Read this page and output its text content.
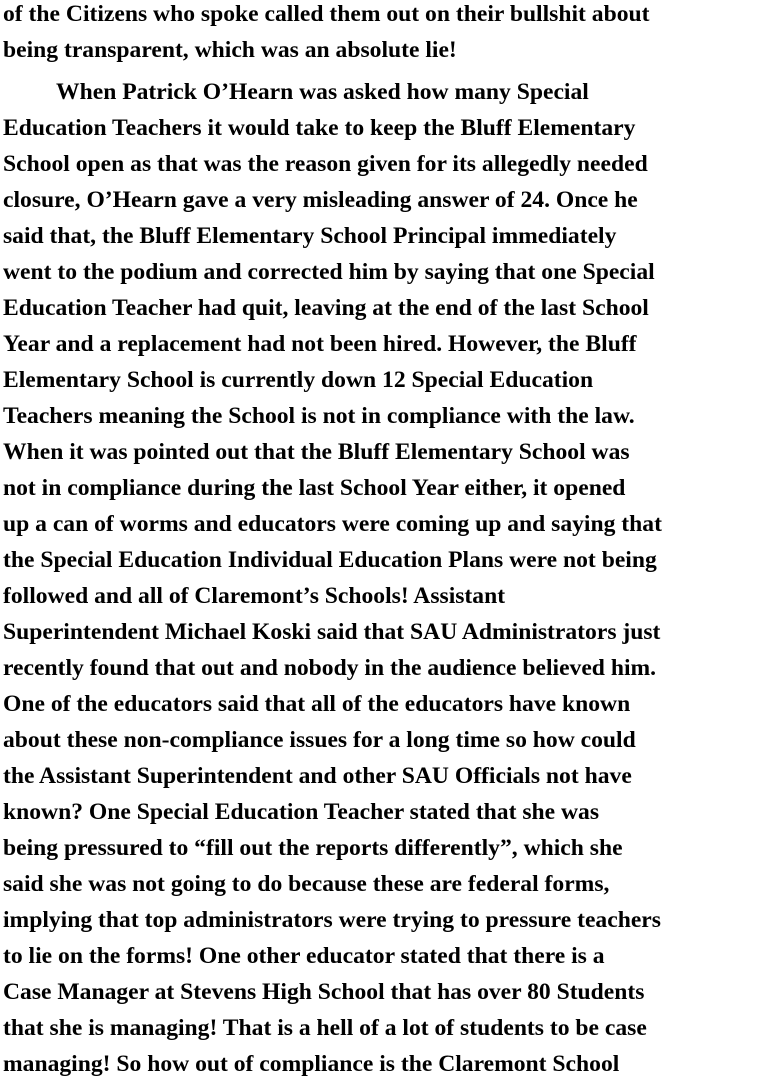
of the Citizens who spoke called them out on their bullshit about
being transparent, which was an absolute lie!
When Patrick O’Hearn was asked how many Special
Education Teachers it would take to keep the Bluff Elementary
School open as that was the reason given for its allegedly needed
closure, O’Hearn gave a very misleading answer of 24. Once he
said that, the Bluff Elementary School Principal immediately
went to the podium and corrected him by saying that one Special
Education Teacher had quit, leaving at the end of the last School
Year and a replacement had not been hired. However, the Bluff
Elementary School is currently down 12 Special Education
Teachers meaning the School is not in compliance with the law.
When it was pointed out that the Bluff Elementary School was
not in compliance during the last School Year either, it opened
up a can of worms and educators were coming up and saying that
the Special Education Individual Education Plans were not being
followed and all of Claremont’s Schools! Assistant
Superintendent Michael Koski said that SAU Administrators just
recently found that out and nobody in the audience believed him.
One of the educators said that all of the educators have known
about these non-compliance issues for a long time so how could
the Assistant Superintendent and other SAU Officials not have
known? One Special Education Teacher stated that she was
being pressured to “fill out the reports differently”, which she
said she was not going to do because these are federal forms,
implying that top administrators were trying to pressure teachers
to lie on the forms! One other educator stated that there is a
Case Manager at Stevens High School that has over 80 Students
that she is managing! That is a hell of a lot of students to be case
managing! So how out of compliance is the Claremont School
